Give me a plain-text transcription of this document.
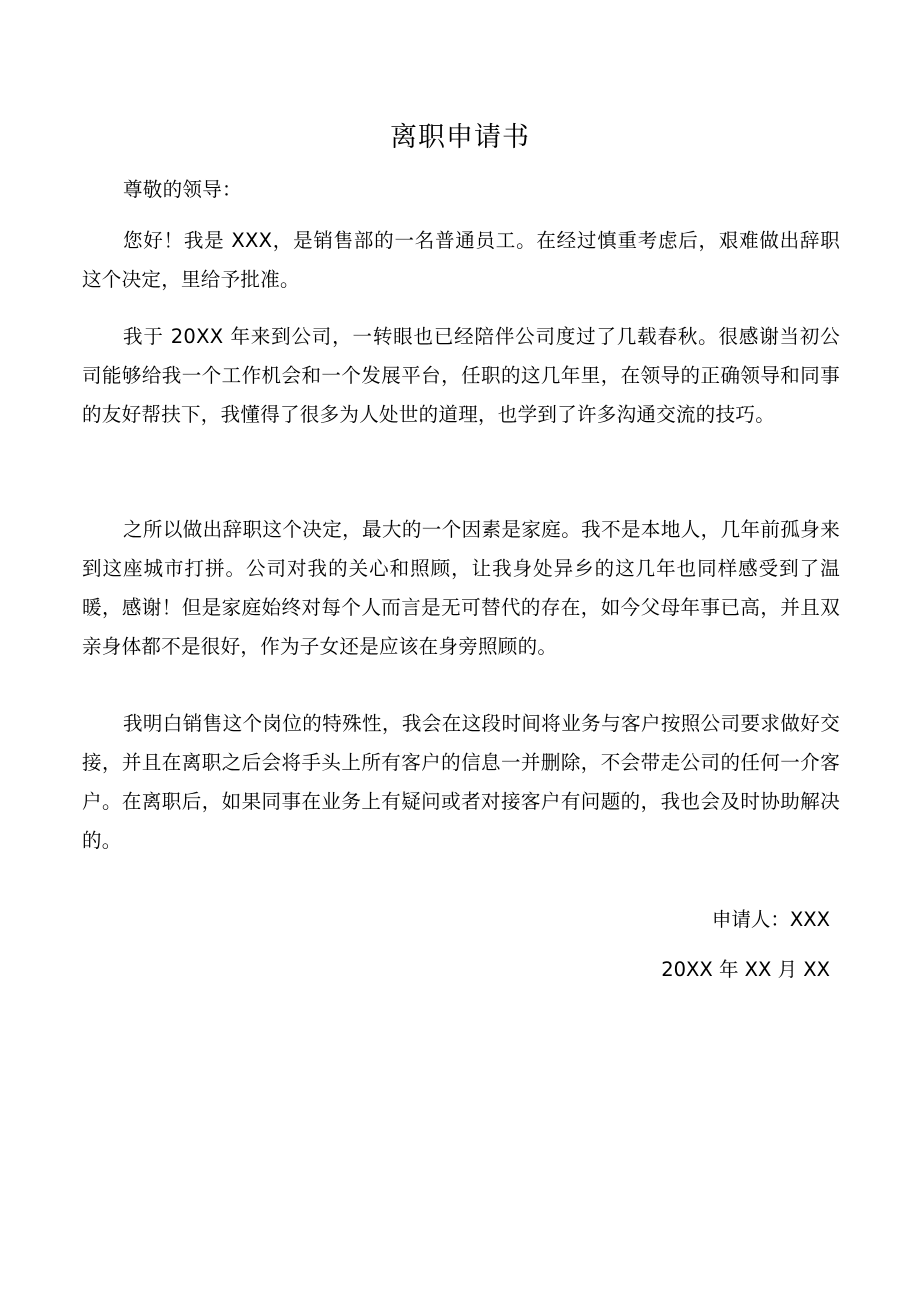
离职申请书
尊敬的领导：

您好！我是 XXX，是销售部的一名普通员工。在经过慎重考虑后，艰难做出辞职这个决定，里给予批准。

我于 20XX 年来到公司，一转眼也已经陪伴公司度过了几载春秋。很感谢当初公司能够给我一个工作机会和一个发展平台，任职的这几年里，在领导的正确领导和同事的友好帮扶下，我懂得了很多为人处世的道理，也学到了许多沟通交流的技巧。

之所以做出辞职这个决定，最大的一个因素是家庭。我不是本地人，几年前孤身来到这座城市打拼。公司对我的关心和照顾，让我身处异乡的这几年也同样感受到了温暖，感谢！但是家庭始终对每个人而言是无可替代的存在，如今父母年事已高，并且双亲身体都不是很好，作为子女还是应该在身旁照顾的。

我明白销售这个岗位的特殊性，我会在这段时间将业务与客户按照公司要求做好交接，并且在离职之后会将手头上所有客户的信息一并删除，不会带走公司的任何一介客户。在离职后，如果同事在业务上有疑问或者对接客户有问题的，我也会及时协助解决的。

申请人：XXX
20XX 年 XX 月 XX
